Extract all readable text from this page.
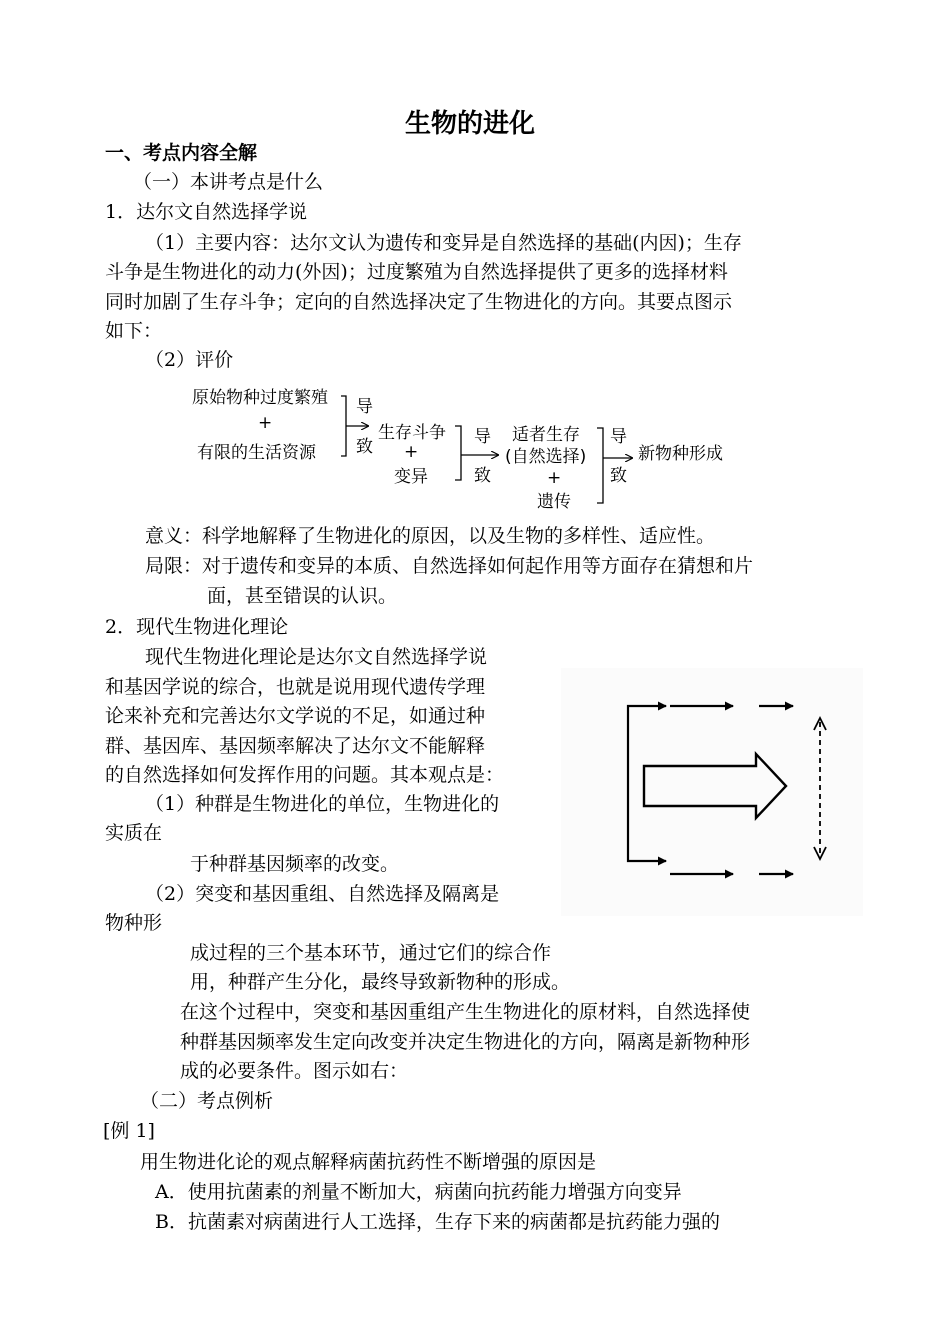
生物的进化
一、考点内容全解
（一）本讲考点是什么
1．达尔文自然选择学说
（1）主要内容：达尔文认为遗传和变异是自然选择的基础(内因)；生存
斗争是生物进化的动力(外因)；过度繁殖为自然选择提供了更多的选择材料
同时加剧了生存斗争；定向的自然选择决定了生物进化的方向。其要点图示
如下：
（2）评价
原始物种过度繁殖
+
有限的生活资源
导
致
生存斗争
+
变异
导
致
适者生存
(自然选择)
+
遗传
导
致
新物种形成
意义：科学地解释了生物进化的原因，以及生物的多样性、适应性。
局限：对于遗传和变异的本质、自然选择如何起作用等方面存在猜想和片
面，甚至错误的认识。
2．现代生物进化理论
现代生物进化理论是达尔文自然选择学说
和基因学说的综合，也就是说用现代遗传学理
论来补充和完善达尔文学说的不足，如通过种
群、基因库、基因频率解决了达尔文不能解释
的自然选择如何发挥作用的问题。其本观点是：
（1）种群是生物进化的单位，生物进化的
实质在
于种群基因频率的改变。
（2）突变和基因重组、自然选择及隔离是
物种形
成过程的三个基本环节，通过它们的综合作
用，种群产生分化，最终导致新物种的形成。
在这个过程中，突变和基因重组产生生物进化的原材料，自然选择使
种群基因频率发生定向改变并决定生物进化的方向，隔离是新物种形
成的必要条件。图示如右：
（二）考点例析
[例 1]
用生物进化论的观点解释病菌抗药性不断增强的原因是
A．使用抗菌素的剂量不断加大，病菌向抗药能力增强方向变异
B．抗菌素对病菌进行人工选择，生存下来的病菌都是抗药能力强的
